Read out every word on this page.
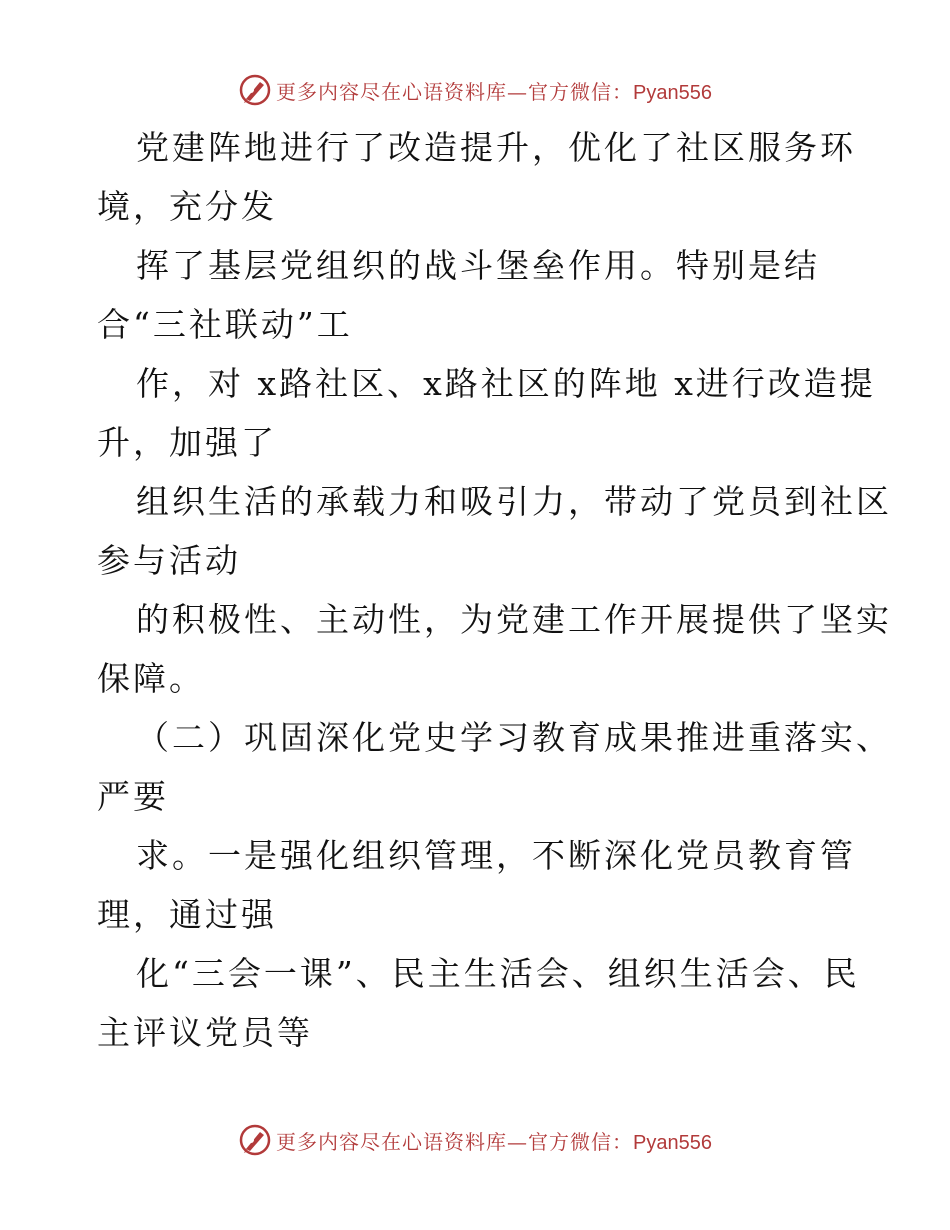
更多内容尽在心语资料库—官方微信：Pyan556

党建阵地进行了改造提升，优化了社区服务环
境，充分发

挥了基层党组织的战斗堡垒作用。特别是结
合“三社联动”工

作，对 x路社区、x路社区的阵地 x进行改造提
升，加强了

组织生活的承载力和吸引力，带动了党员到社区
参与活动

的积极性、主动性，为党建工作开展提供了坚实
保障。

（二）巩固深化党史学习教育成果推进重落实、
严要

求。一是强化组织管理，不断深化党员教育管
理，通过强

化“三会一课”、民主生活会、组织生活会、民
主评议党员等

更多内容尽在心语资料库—官方微信：Pyan556
